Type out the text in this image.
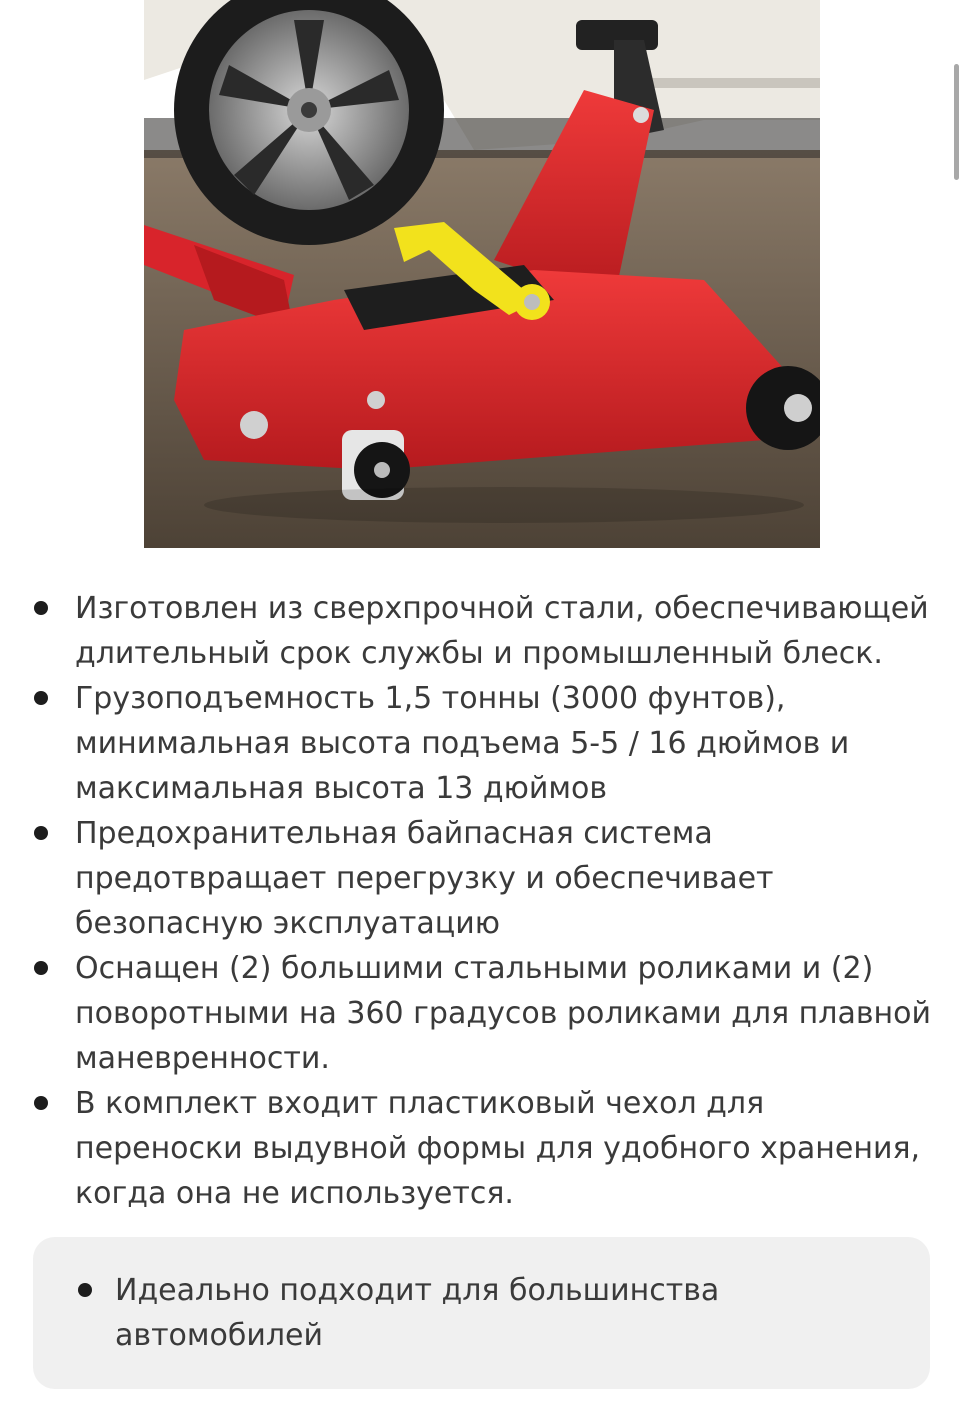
Изготовлен из сверхпрочной стали, обеспечивающей длительный срок службы и промышленный блеск.
Грузоподъемность 1,5 тонны (3000 фунтов), минимальная высота подъема 5-5 / 16 дюймов и максимальная высота 13 дюймов
Предохранительная байпасная система предотвращает перегрузку и обеспечивает безопасную эксплуатацию
Оснащен (2) большими стальными роликами и (2) поворотными на 360 градусов роликами для плавной маневренности.
В комплект входит пластиковый чехол для переноски выдувной формы для удобного хранения, когда она не используется.
Идеально подходит для большинства автомобилей
